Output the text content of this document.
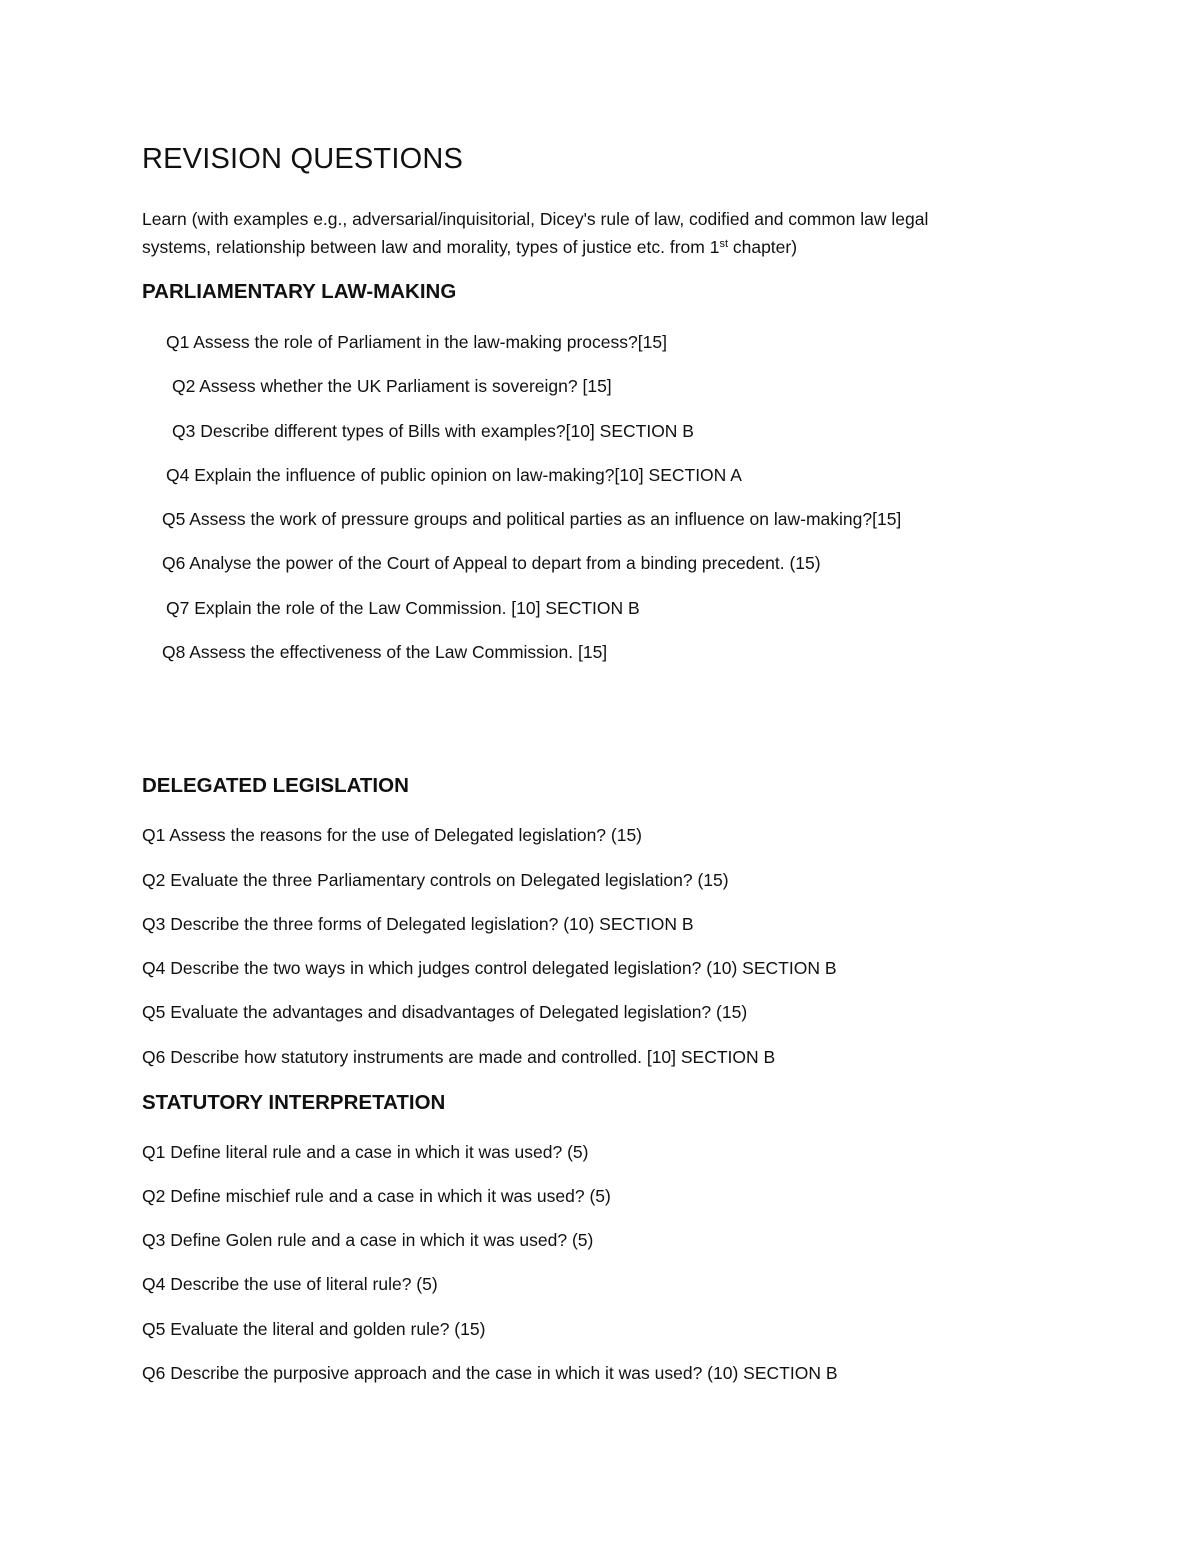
REVISION QUESTIONS

Learn (with examples e.g., adversarial/inquisitorial, Dicey's rule of law, codified and common law legal
systems, relationship between law and morality, types of justice etc. from 1st chapter)

PARLIAMENTARY LAW-MAKING

Q1 Assess the role of Parliament in the law-making process?[15]

Q2 Assess whether the UK Parliament is sovereign? [15]

Q3 Describe different types of Bills with examples?[10] SECTION B

Q4 Explain the influence of public opinion on law-making?[10] SECTION A

Q5 Assess the work of pressure groups and political parties as an influence on law-making?[15]

Q6 Analyse the power of the Court of Appeal to depart from a binding precedent. (15)

Q7 Explain the role of the Law Commission. [10] SECTION B

Q8 Assess the effectiveness of the Law Commission. [15]

DELEGATED LEGISLATION

Q1 Assess the reasons for the use of Delegated legislation? (15)

Q2 Evaluate the three Parliamentary controls on Delegated legislation? (15)

Q3 Describe the three forms of Delegated legislation? (10) SECTION B

Q4 Describe the two ways in which judges control delegated legislation? (10) SECTION B

Q5 Evaluate the advantages and disadvantages of Delegated legislation? (15)

Q6 Describe how statutory instruments are made and controlled. [10] SECTION B

STATUTORY INTERPRETATION

Q1 Define literal rule and a case in which it was used? (5)

Q2 Define mischief rule and a case in which it was used? (5)

Q3 Define Golen rule and a case in which it was used? (5)

Q4 Describe the use of literal rule? (5)

Q5 Evaluate the literal and golden rule? (15)

Q6 Describe the purposive approach and the case in which it was used? (10) SECTION B
